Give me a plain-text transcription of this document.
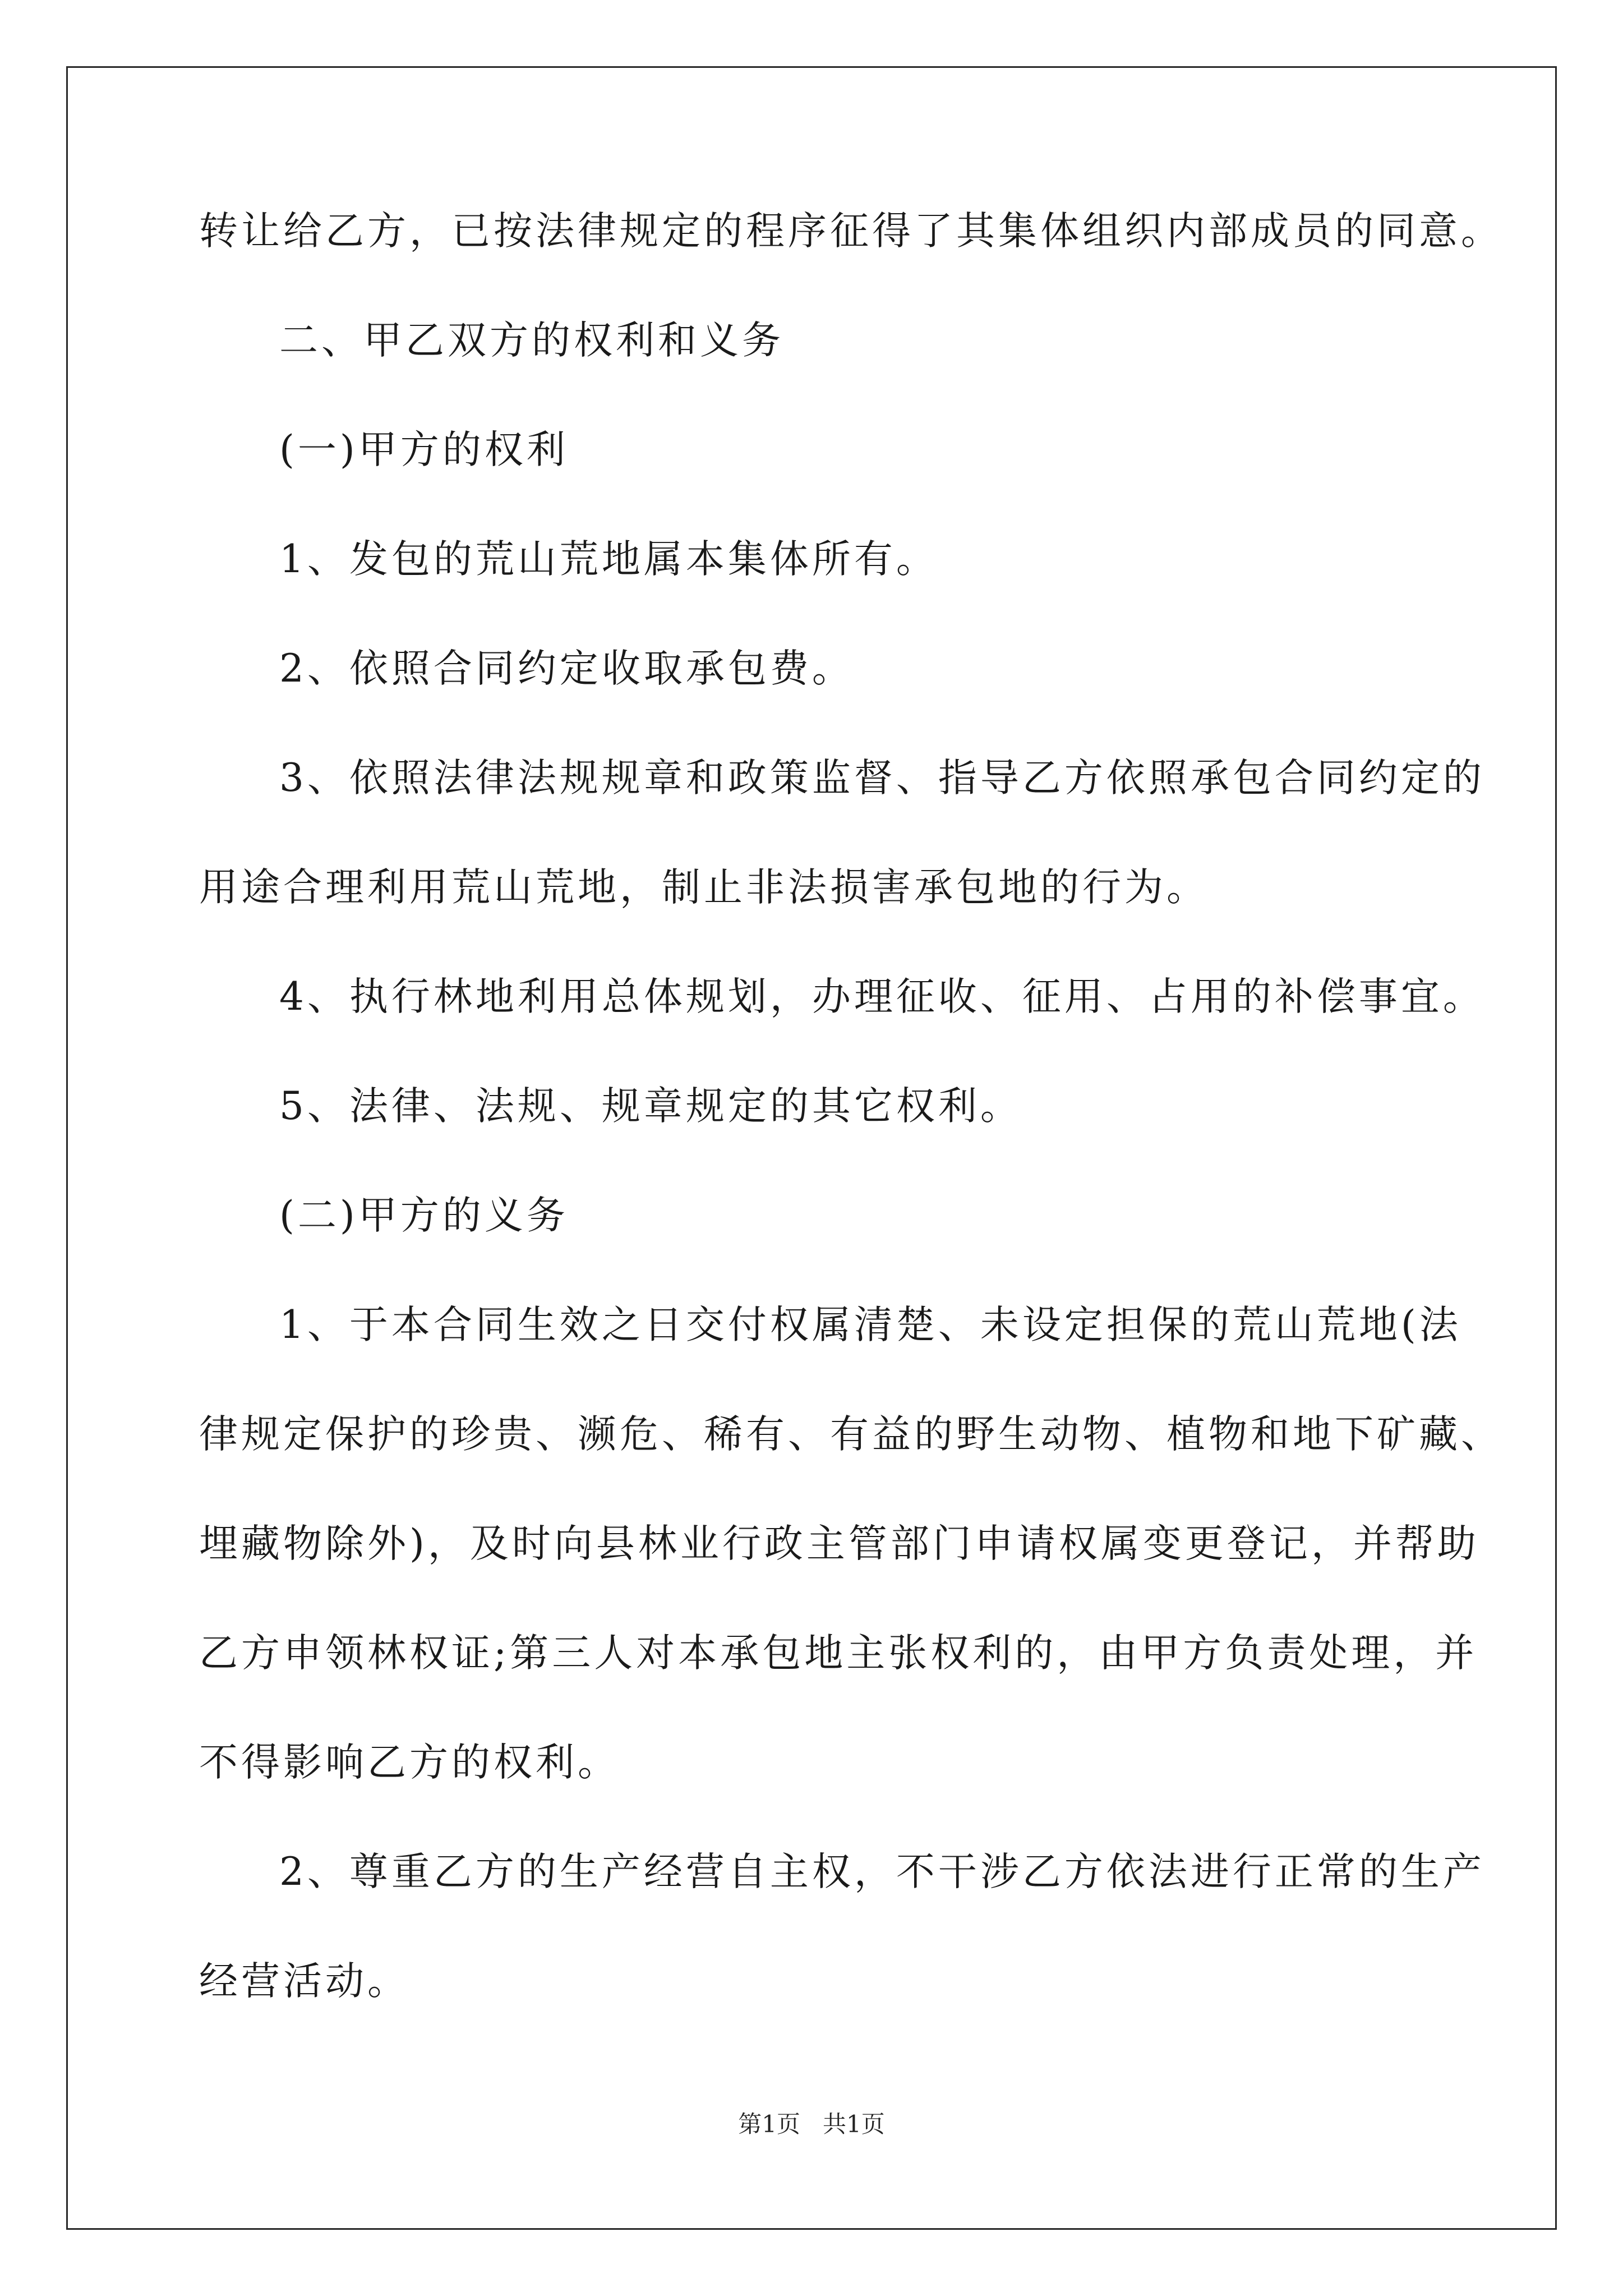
转让给乙方，已按法律规定的程序征得了其集体组织内部成员的同意。
二、甲乙双方的权利和义务
(一)甲方的权利
1、发包的荒山荒地属本集体所有。
2、依照合同约定收取承包费。
3、依照法律法规规章和政策监督、指导乙方依照承包合同约定的
用途合理利用荒山荒地，制止非法损害承包地的行为。
4、执行林地利用总体规划，办理征收、征用、占用的补偿事宜。
5、法律、法规、规章规定的其它权利。
(二)甲方的义务
1、于本合同生效之日交付权属清楚、未设定担保的荒山荒地(法
律规定保护的珍贵、濒危、稀有、有益的野生动物、植物和地下矿藏、
埋藏物除外)，及时向县林业行政主管部门申请权属变更登记，并帮助
乙方申领林权证;第三人对本承包地主张权利的，由甲方负责处理，并
不得影响乙方的权利。
2、尊重乙方的生产经营自主权，不干涉乙方依法进行正常的生产
经营活动。
第1页   共1页
